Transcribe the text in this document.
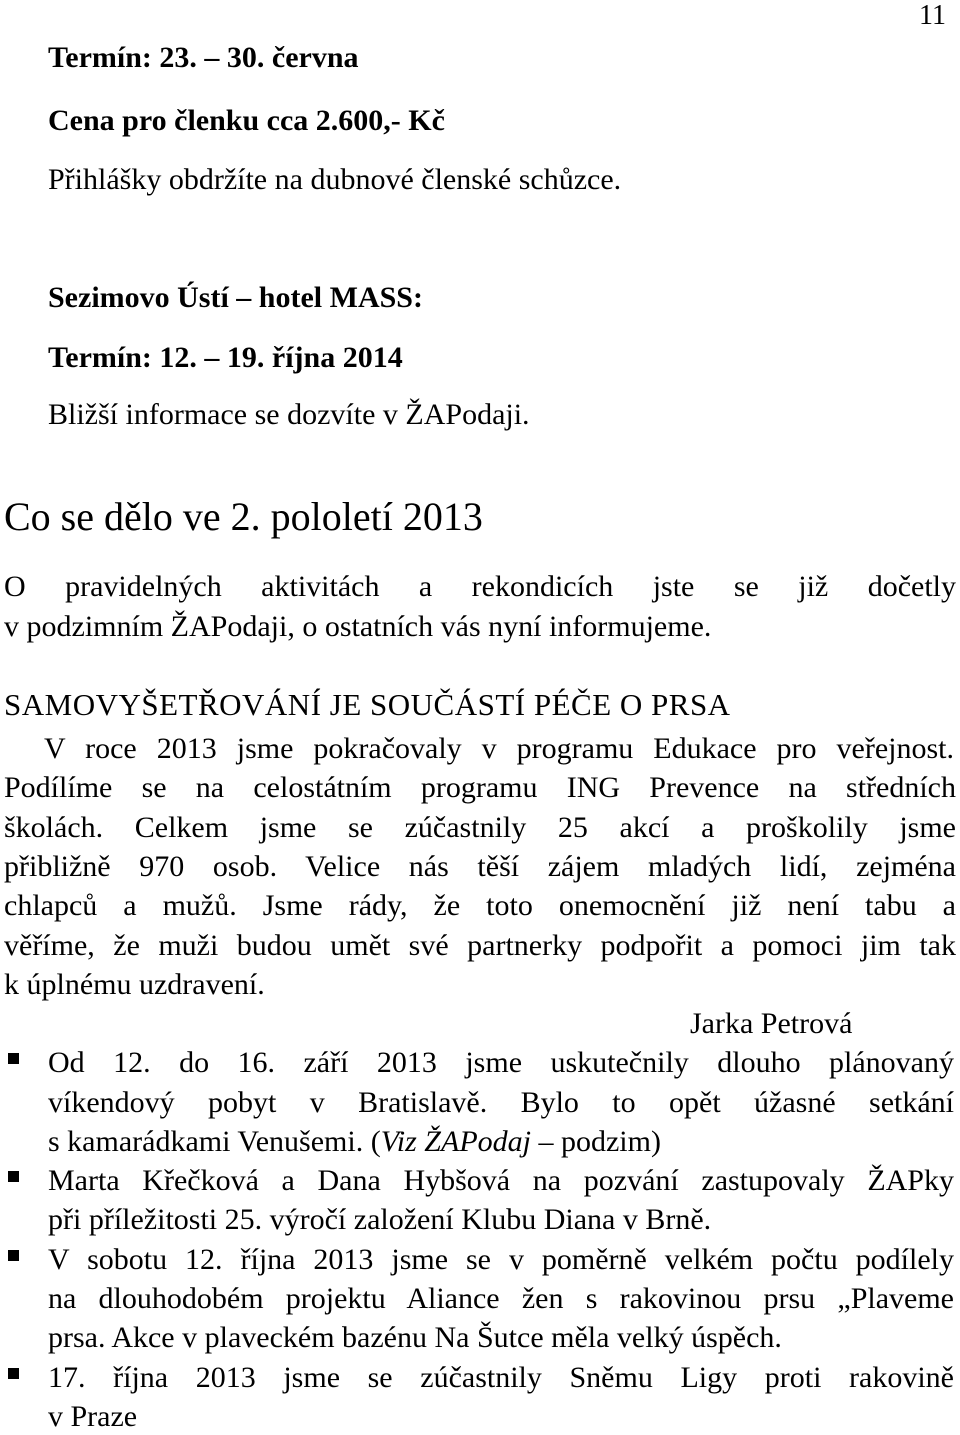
11
Termín: 23. – 30. června
Cena pro členku cca 2.600,- Kč
Přihlášky obdržíte na dubnové členské schůzce.
Sezimovo Ústí – hotel MASS:
Termín: 12. – 19. října 2014
Bližší informace se dozvíte v ŽAPodaji.
Co se dělo ve 2. pololetí 2013
O pravidelných aktivitách a rekondicích jste se již dočetly
v podzimním ŽAPodaji, o ostatních vás nyní informujeme.
SAMOVYŠETŘOVÁNÍ JE SOUČÁSTÍ PÉČE O PRSA
V roce 2013 jsme pokračovaly v programu Edukace pro veřejnost.
Podílíme se na celostátním programu ING Prevence na středních
školách. Celkem jsme se zúčastnily 25 akcí a proškolily jsme
přibližně 970 osob. Velice nás těší zájem mladých lidí, zejména
chlapců a mužů. Jsme rády, že toto onemocnění již není tabu a
věříme, že muži budou umět své partnerky podpořit a pomoci jim tak
k úplnému uzdravení.
Jarka Petrová
Od 12. do 16. září 2013 jsme uskutečnily dlouho plánovaný
víkendový pobyt v Bratislavě. Bylo to opět úžasné setkání
s kamarádkami Venušemi. (Viz ŽAPodaj – podzim)
Marta Křečková a Dana Hybšová na pozvání zastupovaly ŽAPky
při příležitosti 25. výročí založení Klubu Diana v Brně.
V sobotu 12. října 2013 jsme se v poměrně velkém počtu podílely
na dlouhodobém projektu Aliance žen s rakovinou prsu „Plaveme
prsa. Akce v plaveckém bazénu Na Šutce měla velký úspěch.
17. října 2013 jsme se zúčastnily Sněmu Ligy proti rakovině
v Praze
